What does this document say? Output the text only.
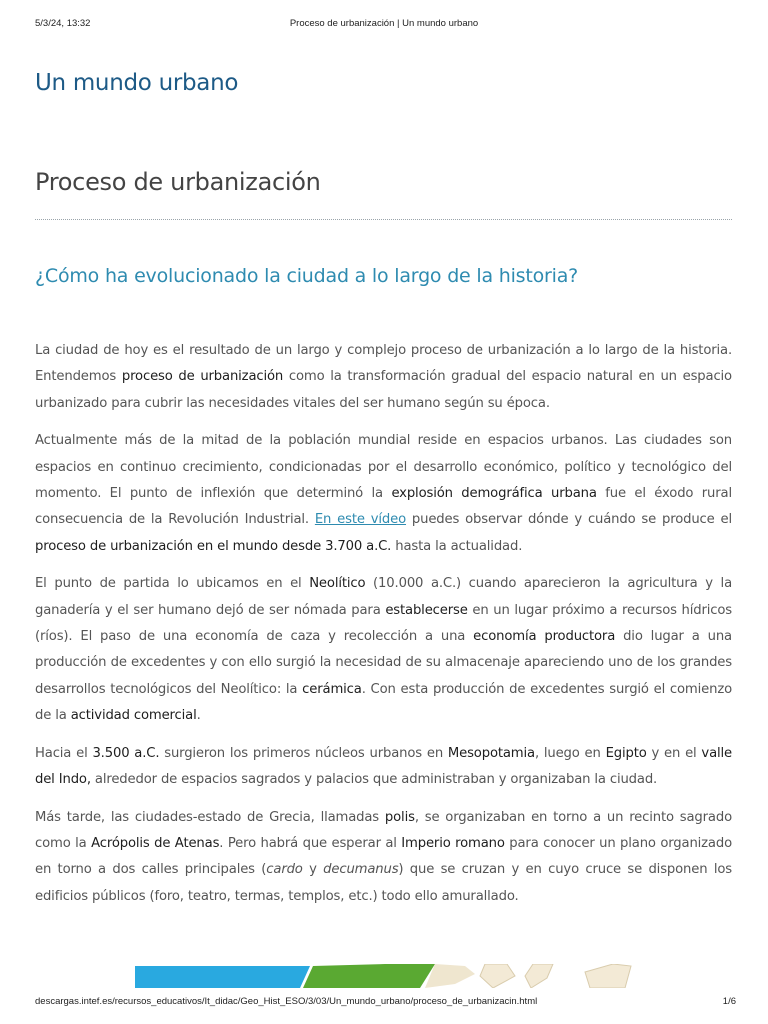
5/3/24, 13:32	Proceso de urbanización | Un mundo urbano
Un mundo urbano
Proceso de urbanización
¿Cómo ha evolucionado la ciudad a lo largo de la historia?

La ciudad de hoy es el resultado de un largo y complejo proceso de urbanización a lo largo de la historia. Entendemos proceso de urbanización como la transformación gradual del espacio natural en un espacio urbanizado para cubrir las necesidades vitales del ser humano según su época.

Actualmente más de la mitad de la población mundial reside en espacios urbanos. Las ciudades son espacios en continuo crecimiento, condicionadas por el desarrollo económico, político y tecnológico del momento. El punto de inflexión que determinó la explosión demográfica urbana fue el éxodo rural consecuencia de la Revolución Industrial. En este vídeo puedes observar dónde y cuándo se produce el proceso de urbanización en el mundo desde 3.700 a.C. hasta la actualidad.

El punto de partida lo ubicamos en el Neolítico (10.000 a.C.) cuando aparecieron la agricultura y la ganadería y el ser humano dejó de ser nómada para establecerse en un lugar próximo a recursos hídricos (ríos). El paso de una economía de caza y recolección a una economía productora dio lugar a una producción de excedentes y con ello surgió la necesidad de su almacenaje apareciendo uno de los grandes desarrollos tecnológicos del Neolítico: la cerámica. Con esta producción de excedentes surgió el comienzo de la actividad comercial.

Hacia el 3.500 a.C. surgieron los primeros núcleos urbanos en Mesopotamia, luego en Egipto y en el valle del Indo, alrededor de espacios sagrados y palacios que administraban y organizaban la ciudad.

Más tarde, las ciudades-estado de Grecia, llamadas polis, se organizaban en torno a un recinto sagrado como la Acrópolis de Atenas. Pero habrá que esperar al Imperio romano para conocer un plano organizado en torno a dos calles principales (cardo y decumanus) que se cruzan y en cuyo cruce se disponen los edificios públicos (foro, teatro, termas, templos, etc.) todo ello amurallado.

descargas.intef.es/recursos_educativos/It_didac/Geo_Hist_ESO/3/03/Un_mundo_urbano/proceso_de_urbanizacin.html	1/6
